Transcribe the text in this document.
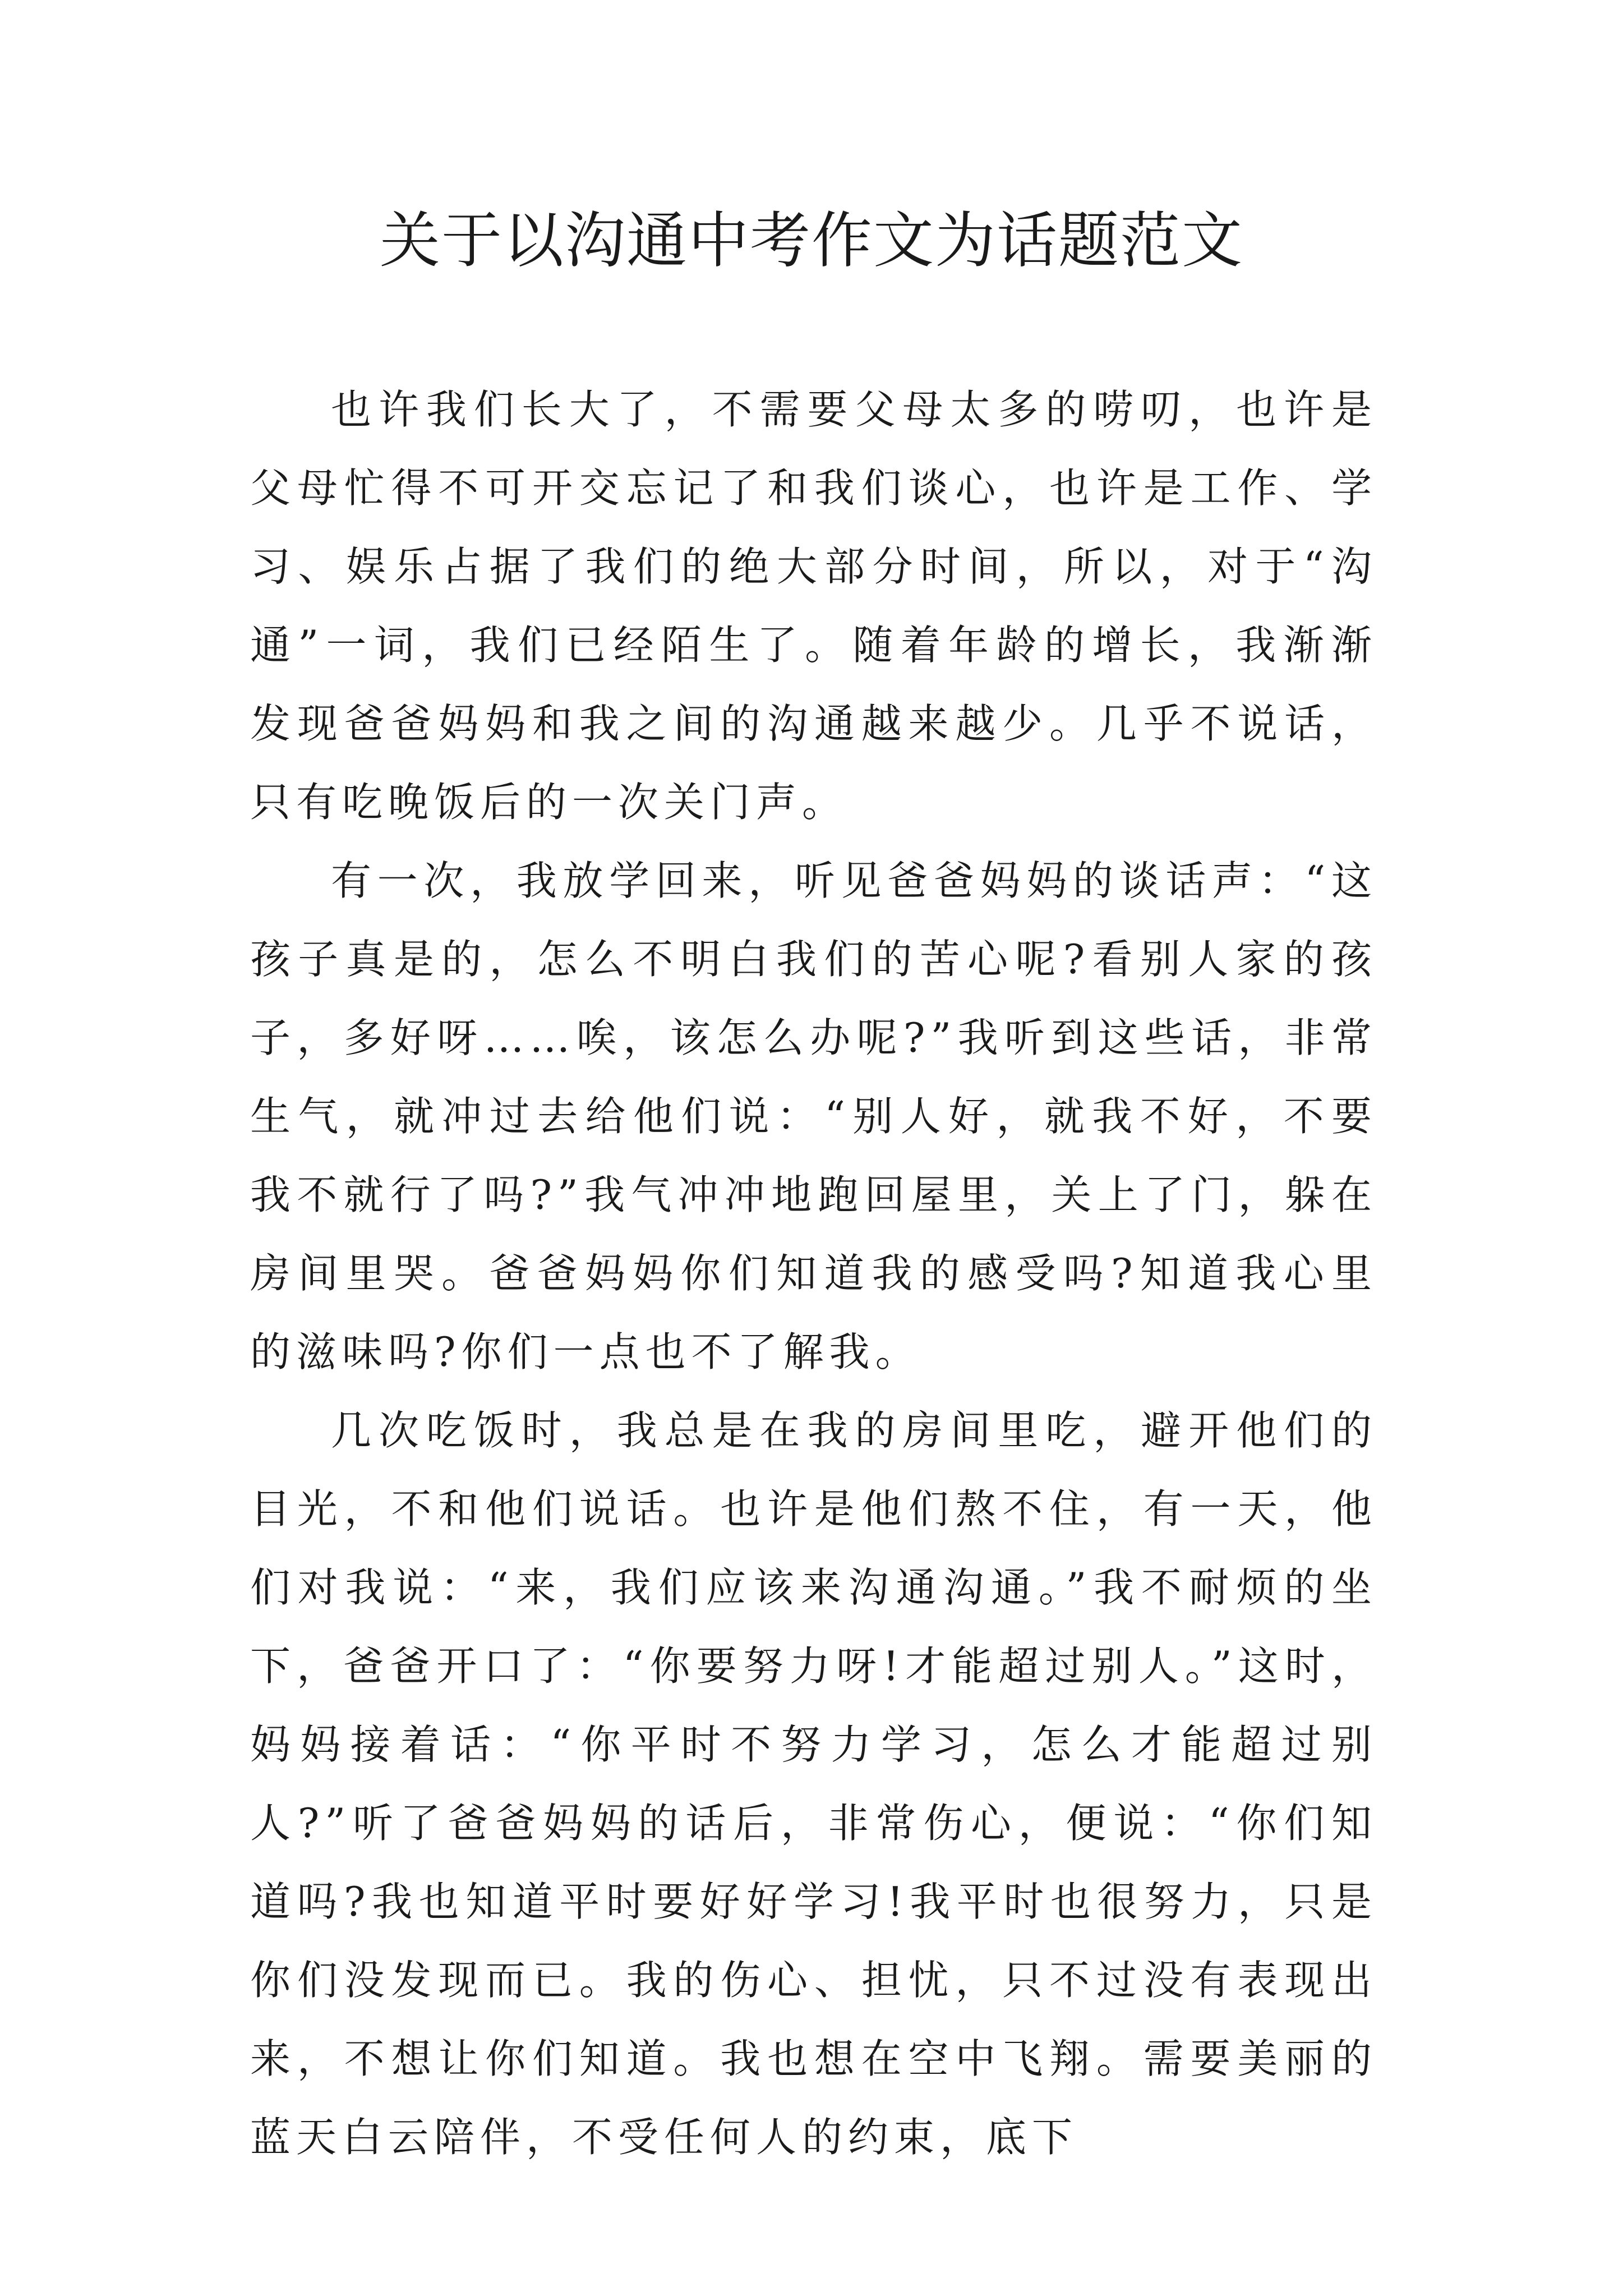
关于以沟通中考作文为话题范文

也许我们长大了，不需要父母太多的唠叨，也许是父母忙得不可开交忘记了和我们谈心，也许是工作、学习、娱乐占据了我们的绝大部分时间，所以，对于“沟通”一词，我们已经陌生了。随着年龄的增长，我渐渐发现爸爸妈妈和我之间的沟通越来越少。几乎不说话，只有吃晚饭后的一次关门声。

有一次，我放学回来，听见爸爸妈妈的谈话声：“这孩子真是的，怎么不明白我们的苦心呢?看别人家的孩子，多好呀……唉，该怎么办呢?”我听到这些话，非常生气，就冲过去给他们说：“别人好，就我不好，不要我不就行了吗?”我气冲冲地跑回屋里，关上了门，躲在房间里哭。爸爸妈妈你们知道我的感受吗?知道我心里的滋味吗?你们一点也不了解我。

几次吃饭时，我总是在我的房间里吃，避开他们的目光，不和他们说话。也许是他们熬不住，有一天，他们对我说：“来，我们应该来沟通沟通。”我不耐烦的坐下，爸爸开口了：“你要努力呀!才能超过别人。”这时，妈妈接着话：“你平时不努力学习，怎么才能超过别人?”听了爸爸妈妈的话后，非常伤心，便说：“你们知道吗?我也知道平时要好好学习!我平时也很努力，只是你们没发现而已。我的伤心、担忧，只不过没有表现出来，不想让你们知道。我也想在空中飞翔。需要美丽的蓝天白云陪伴，不受任何人的约束，底下
